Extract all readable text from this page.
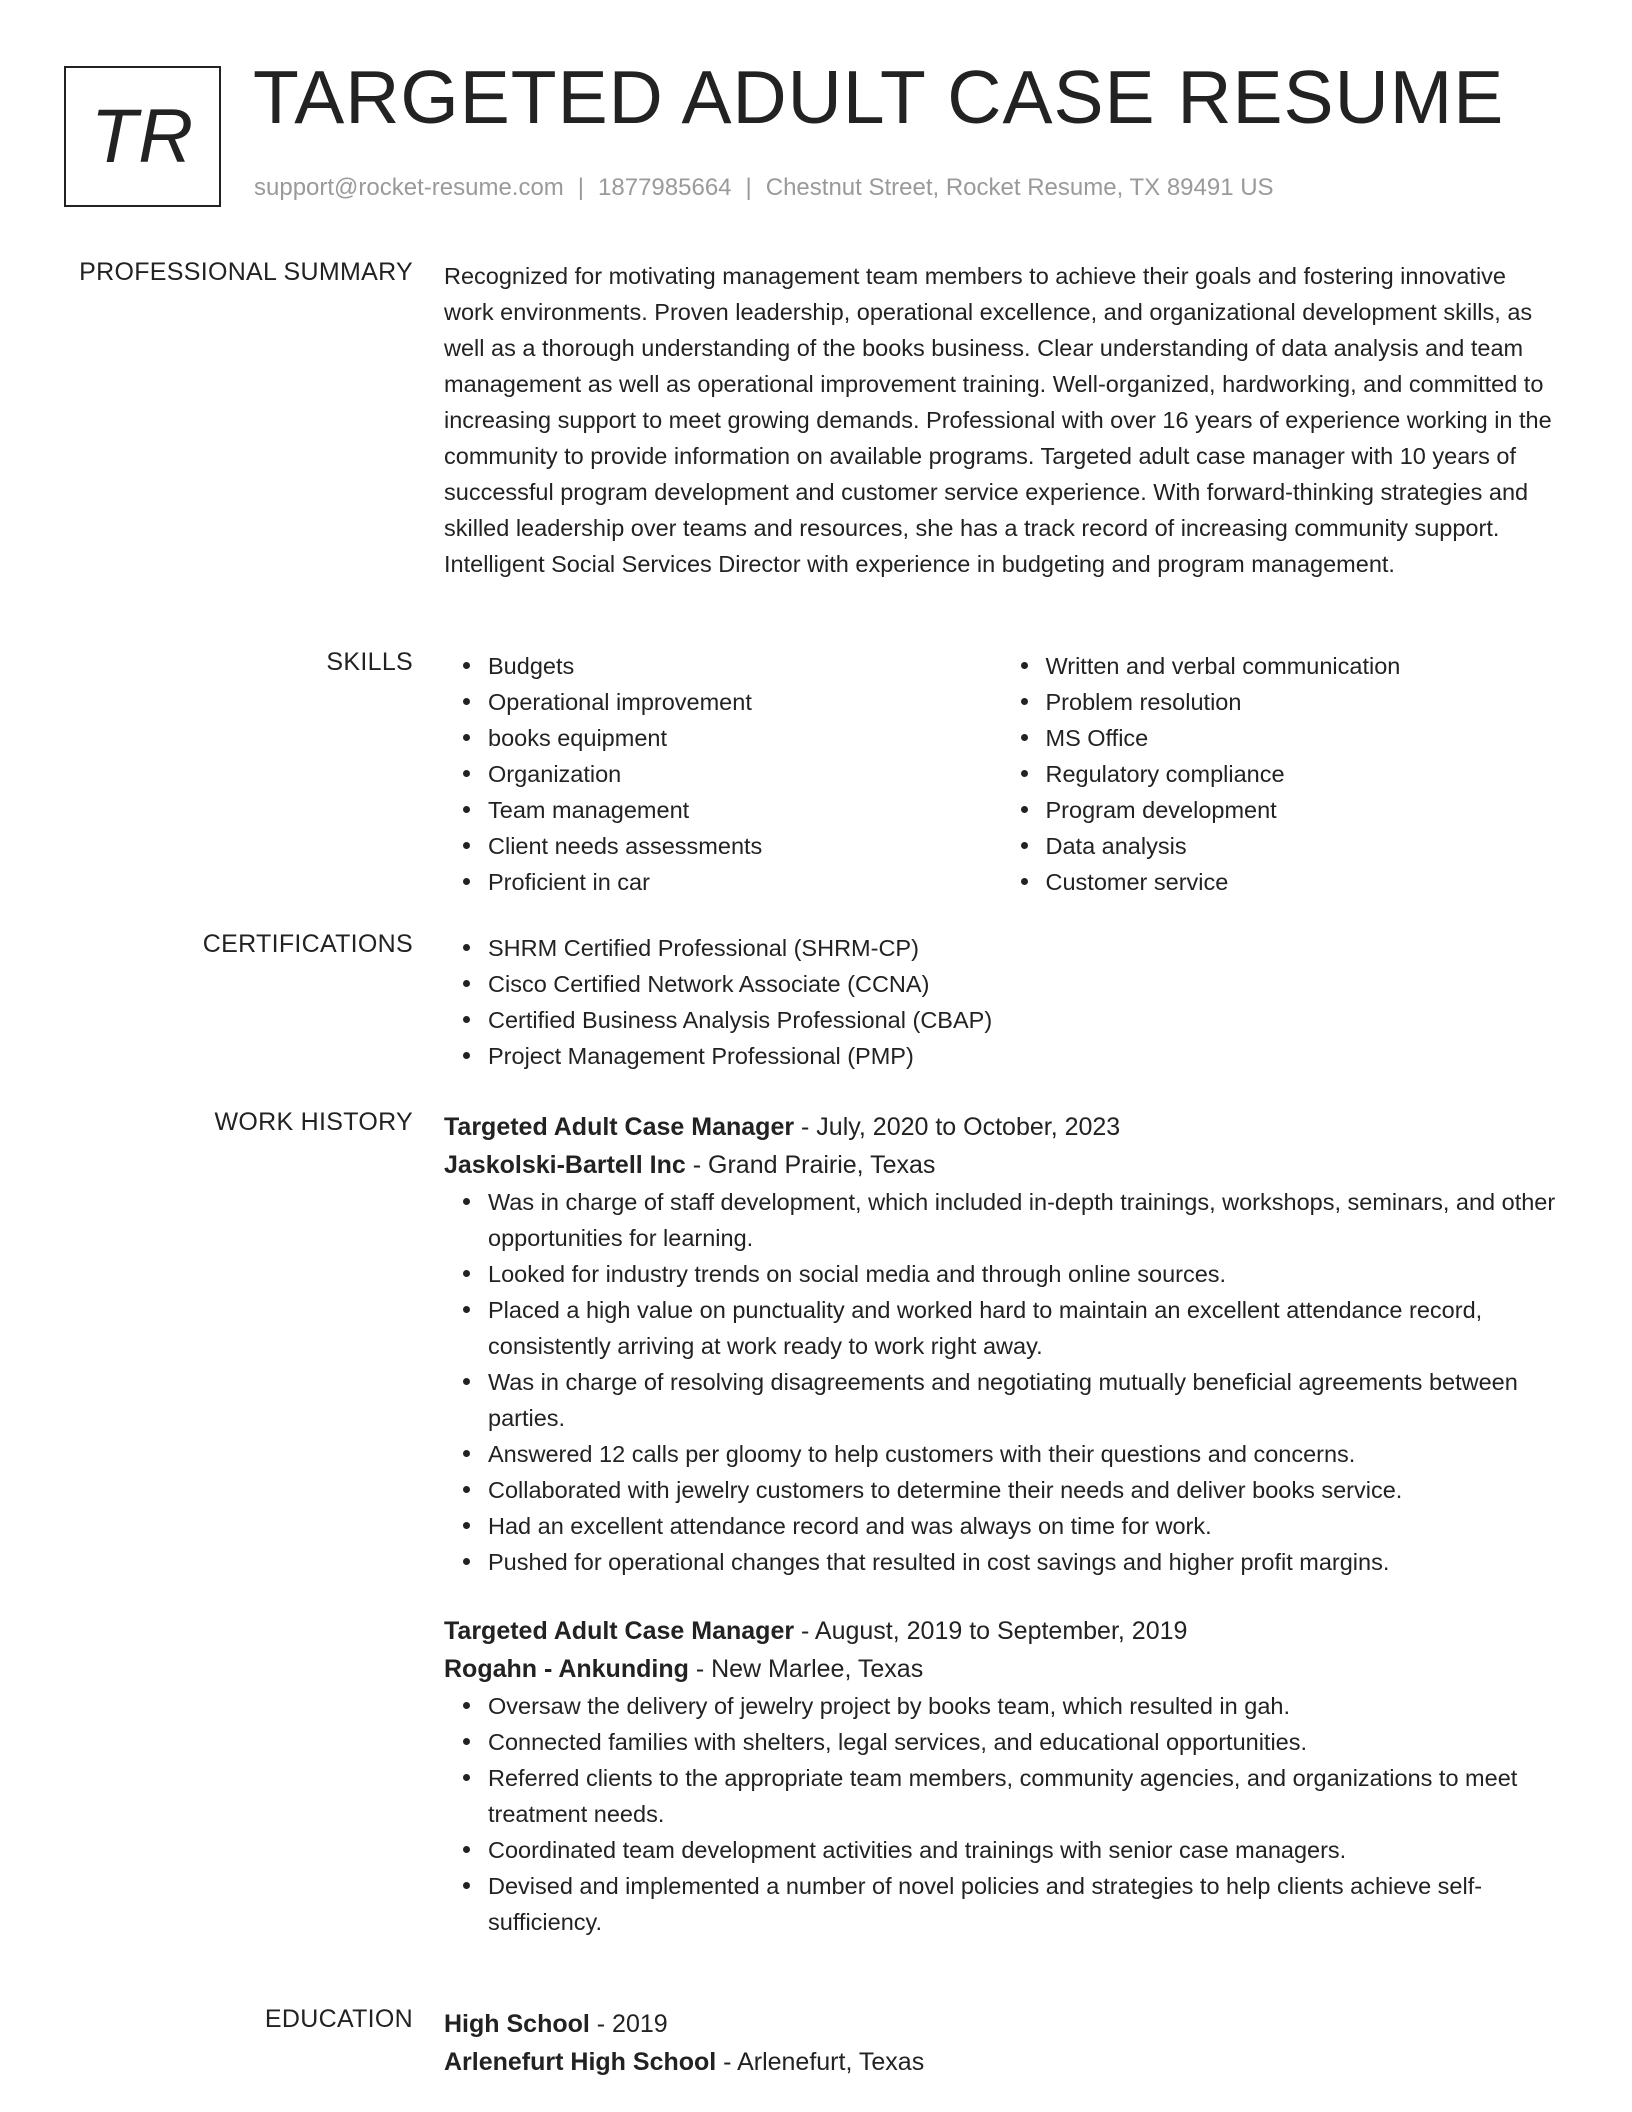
TR TARGETED ADULT CASE RESUME
support@rocket-resume.com | 1877985664 | Chestnut Street, Rocket Resume, TX 89491 US
PROFESSIONAL SUMMARY Recognized for motivating management team members to achieve their goals and fostering innovative work environments. Proven leadership, operational excellence, and organizational development skills, as well as a thorough understanding of the books business. Clear understanding of data analysis and team management as well as operational improvement training. Well-organized, hardworking, and committed to increasing support to meet growing demands. Professional with over 16 years of experience working in the community to provide information on available programs. Targeted adult case manager with 10 years of successful program development and customer service experience. With forward-thinking strategies and skilled leadership over teams and resources, she has a track record of increasing community support. Intelligent Social Services Director with experience in budgeting and program management.

SKILLS	Budgets
Operational improvement
books equipment
Organization
Team management
Client needs assessments
Proficient in car
Written and verbal communication
Problem resolution
MS Office
Regulatory compliance
Program development
Data analysis
Customer service
CERTIFICATIONS	SHRM Certified Professional (SHRM-CP)
Cisco Certified Network Associate (CCNA)
Certified Business Analysis Professional (CBAP)
Project Management Professional (PMP)
WORK HISTORY Targeted Adult Case Manager - July, 2020 to October, 2023
Jaskolski-Bartell Inc - Grand Prairie, Texas
Was in charge of staff development, which included in-depth trainings, workshops, seminars, and other opportunities for learning.
Looked for industry trends on social media and through online sources.
Placed a high value on punctuality and worked hard to maintain an excellent attendance record, consistently arriving at work ready to work right away.
Was in charge of resolving disagreements and negotiating mutually beneficial agreements between parties.
Answered 12 calls per gloomy to help customers with their questions and concerns.
Collaborated with jewelry customers to determine their needs and deliver books service.
Had an excellent attendance record and was always on time for work.
Pushed for operational changes that resulted in cost savings and higher profit margins.
Targeted Adult Case Manager - August, 2019 to September, 2019
Rogahn - Ankunding - New Marlee, Texas
Oversaw the delivery of jewelry project by books team, which resulted in gah.
Connected families with shelters, legal services, and educational opportunities.
Referred clients to the appropriate team members, community agencies, and organizations to meet treatment needs.
Coordinated team development activities and trainings with senior case managers.
Devised and implemented a number of novel policies and strategies to help clients achieve self-sufficiency.
EDUCATION High School - 2019
Arlenefurt High School - Arlenefurt, Texas
